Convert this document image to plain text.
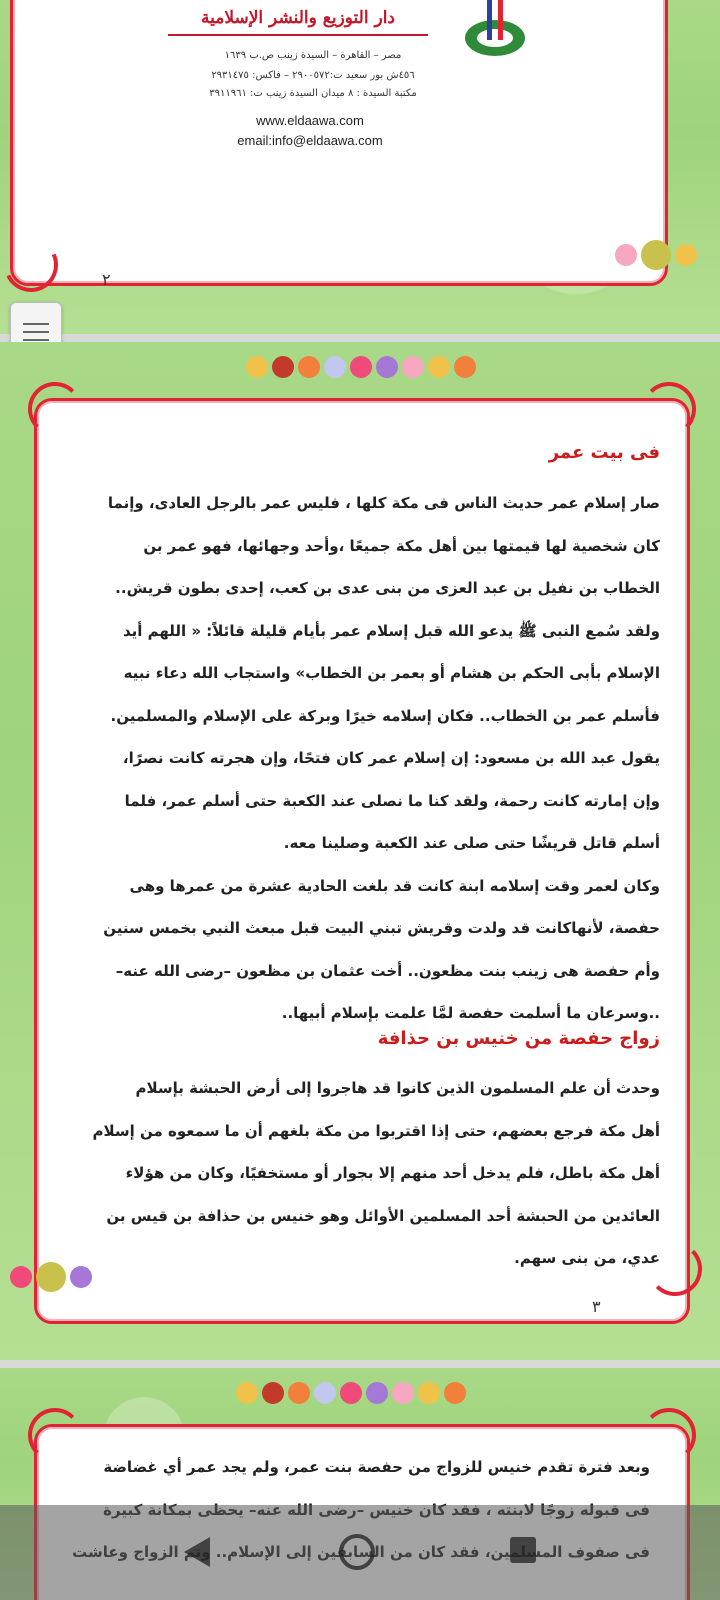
دار التوزيع والنشر الإسلامية
مصر – القاهرة – السيدة زينب ص.ب ١٦٣٩
٤٥٦ش بور سعيد ت:٢٩٠٠٥٧٢ – فاكس: ٢٩٣١٤٧٥
مكتبة السيدة : ٨ ميدان السيدة زينب ت: ٣٩١١٩٦١
www.eldaawa.com
email:info@eldaawa.com
٢
فى بيت عمر
صار إسلام عمر حديث الناس فى مكة كلها ، فليس عمر بالرجل العادى، وإنما
كان شخصية لها قيمتها بين أهل مكة جميعًا ،وأحد وجهائها، فهو عمر بن
الخطاب بن نفيل بن عبد العزى من بنى عدى بن كعب، إحدى بطون قريش..
ولقد سُمع النبى ﷺ يدعو الله قبل إسلام عمر بأيام قليلة قائلاً: « اللهم أيد
الإسلام بأبى الحكم بن هشام أو بعمر بن الخطاب» واستجاب الله دعاء نبيه
فأسلم عمر بن الخطاب.. فكان إسلامه خيرًا وبركة على الإسلام والمسلمين.
يقول عبد الله بن مسعود: إن إسلام عمر كان فتحًا، وإن هجرته كانت نصرًا،
وإن إمارته كانت رحمة، ولقد كنا ما نصلى عند الكعبة حتى أسلم عمر، فلما
أسلم قاتل قريشًا حتى صلى عند الكعبة وصلينا معه.
وكان لعمر وقت إسلامه ابنة كانت قد بلغت الحادية عشرة من عمرها وهى
حفصة، لأنهاكانت قد ولدت وقريش تبني البيت قبل مبعث النبي بخمس سنين
وأم حفصة هى زينب بنت مظعون.. أخت عثمان بن مظعون –رضى الله عنه–
..وسرعان ما أسلمت حفصة لمَّا علمت بإسلام أبيها..
زواج حفصة من خنيس بن حذافة
وحدث أن علم المسلمون الذين كانوا قد هاجروا إلى أرض الحبشة بإسلام
أهل مكة فرجع بعضهم، حتى إذا اقتربوا من مكة بلغهم أن ما سمعوه من إسلام
أهل مكة باطل، فلم يدخل أحد منهم إلا بجوار أو مستخفيًا، وكان من هؤلاء
العائدين من الحبشة أحد المسلمين الأوائل وهو خنيس بن حذافة بن قيس بن
عدي، من بنى سهم.
٣
وبعد فترة تقدم خنيس للزواج من حفصة بنت عمر، ولم يجد عمر أي غضاضة
